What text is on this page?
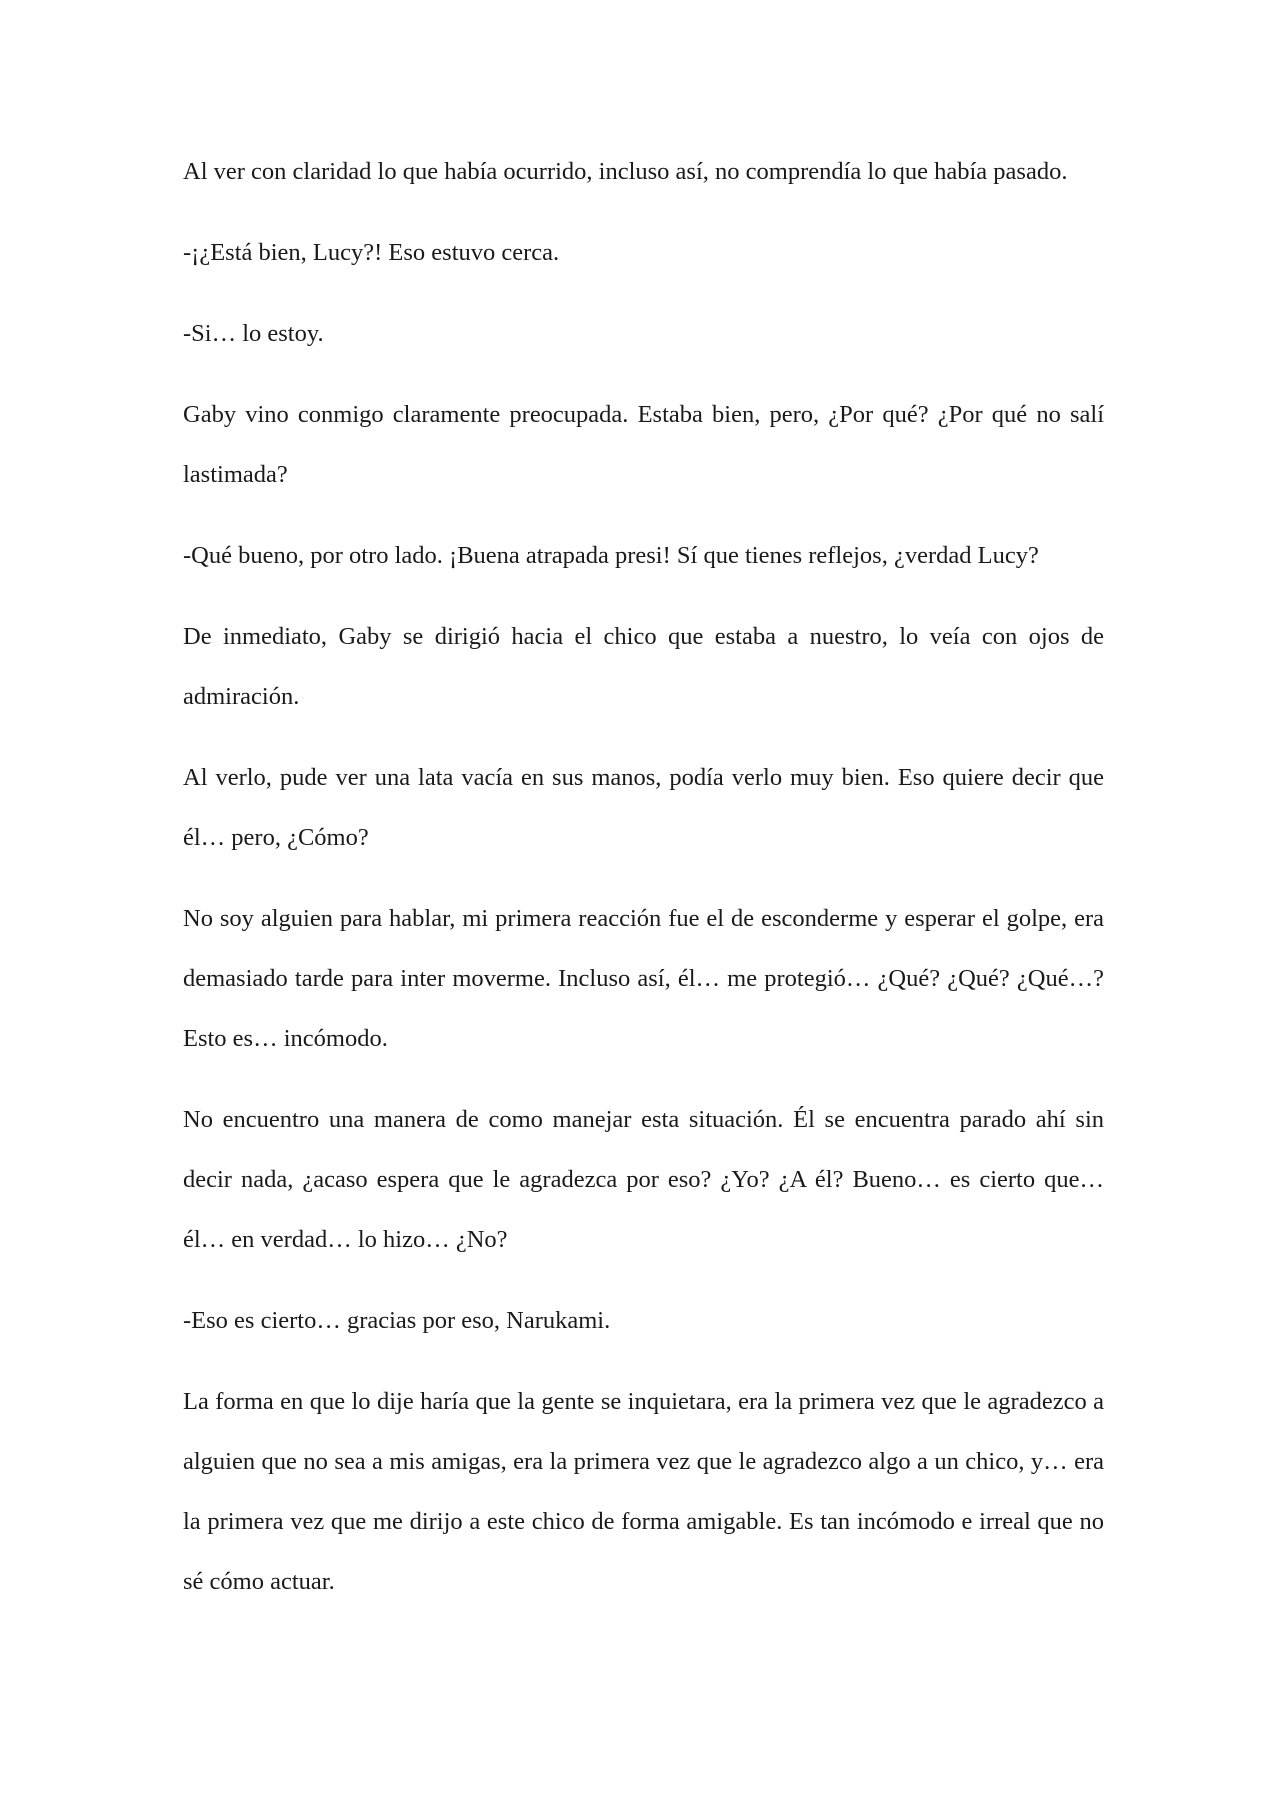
Al ver con claridad lo que había ocurrido, incluso así, no comprendía lo que había pasado.

-¡¿Está bien, Lucy?! Eso estuvo cerca.

-Si… lo estoy.

Gaby vino conmigo claramente preocupada. Estaba bien, pero, ¿Por qué? ¿Por qué no salí lastimada?

-Qué bueno, por otro lado. ¡Buena atrapada presi! Sí que tienes reflejos, ¿verdad Lucy?

De inmediato, Gaby se dirigió hacia el chico que estaba a nuestro, lo veía con ojos de admiración.

Al verlo, pude ver una lata vacía en sus manos, podía verlo muy bien. Eso quiere decir que él… pero, ¿Cómo?

No soy alguien para hablar, mi primera reacción fue el de esconderme y esperar el golpe, era demasiado tarde para inter moverme. Incluso así, él… me protegió… ¿Qué? ¿Qué? ¿Qué…? Esto es… incómodo.

No encuentro una manera de como manejar esta situación. Él se encuentra parado ahí sin decir nada, ¿acaso espera que le agradezca por eso? ¿Yo? ¿A él? Bueno… es cierto que… él… en verdad… lo hizo… ¿No?

-Eso es cierto… gracias por eso, Narukami.

La forma en que lo dije haría que la gente se inquietara, era la primera vez que le agradezco a alguien que no sea a mis amigas, era la primera vez que le agradezco algo a un chico, y… era la primera vez que me dirijo a este chico de forma amigable. Es tan incómodo e irreal que no sé cómo actuar.
